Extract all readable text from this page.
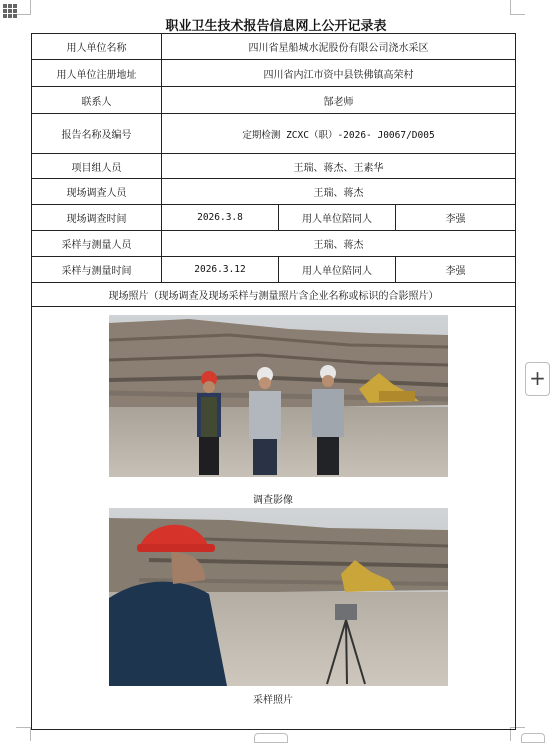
职业卫生技术报告信息网上公开记录表
用人单位名称	四川省星船城水泥股份有限公司浇水采区		
用人单位注册地址	四川省内江市资中县铁佛镇高荣村		
联系人	郜老师		
报告名称及编号	定期检测 ZCXC（职）-2026- J0067/D005		
项目组人员	王瑞、蒋杰、王素华		
现场调查人员	王瑞、蒋杰		
现场调查时间	2026.3.8	用人单位陪同人	李强
采样与测量人员	王瑞、蒋杰		
采样与测量时间	2026.3.12	用人单位陪同人	李强
现场照片（现场调查及现场采样与测量照片含企业名称或标识的合影照片）			

调查影像
采样照片			
+
